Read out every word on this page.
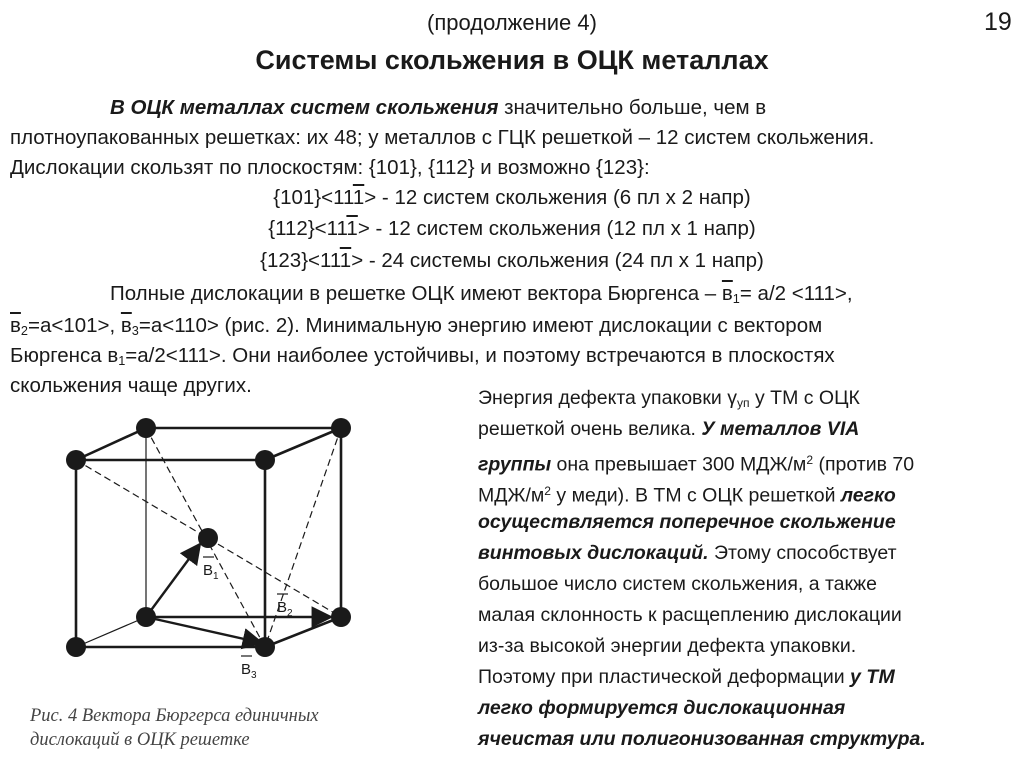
(продолжение 4)	19
Системы скольжения в ОЦК металлах
В ОЦК металлах систем скольжения значительно больше, чем в
плотноупакованных решетках: их 48; у металлов с ГЦК решеткой – 12 систем скольжения.
Дислокации скользят по плоскостям: {101}, {112} и возможно {123}:
{101}<111> - 12 систем скольжения (6 пл х 2 напр)
{112}<111> - 12 систем скольжения (12 пл х 1 напр)
{123}<111> - 24 системы скольжения (24 пл х 1 напр)
Полные дислокации в решетке ОЦК имеют вектора Бюргенса – $в_1= a/2 <111>$,
$в_2=a<101>$, $в_3=a<110> (рис$. 2). Минимальную энергию имеют дислокации с вектором
Бюргенса $в_1=a/2<111>$. Они наиболее устойчивы, и поэтому встречаются в плоскостях
скольжения чаще других.
Энергия дефекта упаковки $\gamma_{уп}$ у ТМ с ОЦК
решеткой очень велика. У металлов VIA
группы она превышает 300 МДЖ/$м^2$ (против 70
МДЖ/$м^2$ у меди). В ТМ с ОЦК решеткой легко
осуществляется поперечное скольжение
винтовых дислокаций. Этому способствует
большое число систем скольжения, а также
малая склонность к расщеплению дислокации
из-за высокой энергии дефекта упаковки.
Поэтому при пластической деформации у ТМ
легко формируется дислокационная
ячеистая или полигонизованная структура.
$B_1$
$B_2$
$B_3$
Рис. 4 Вектора Бюргерса единичных
дислокаций в ОЦК решетке
